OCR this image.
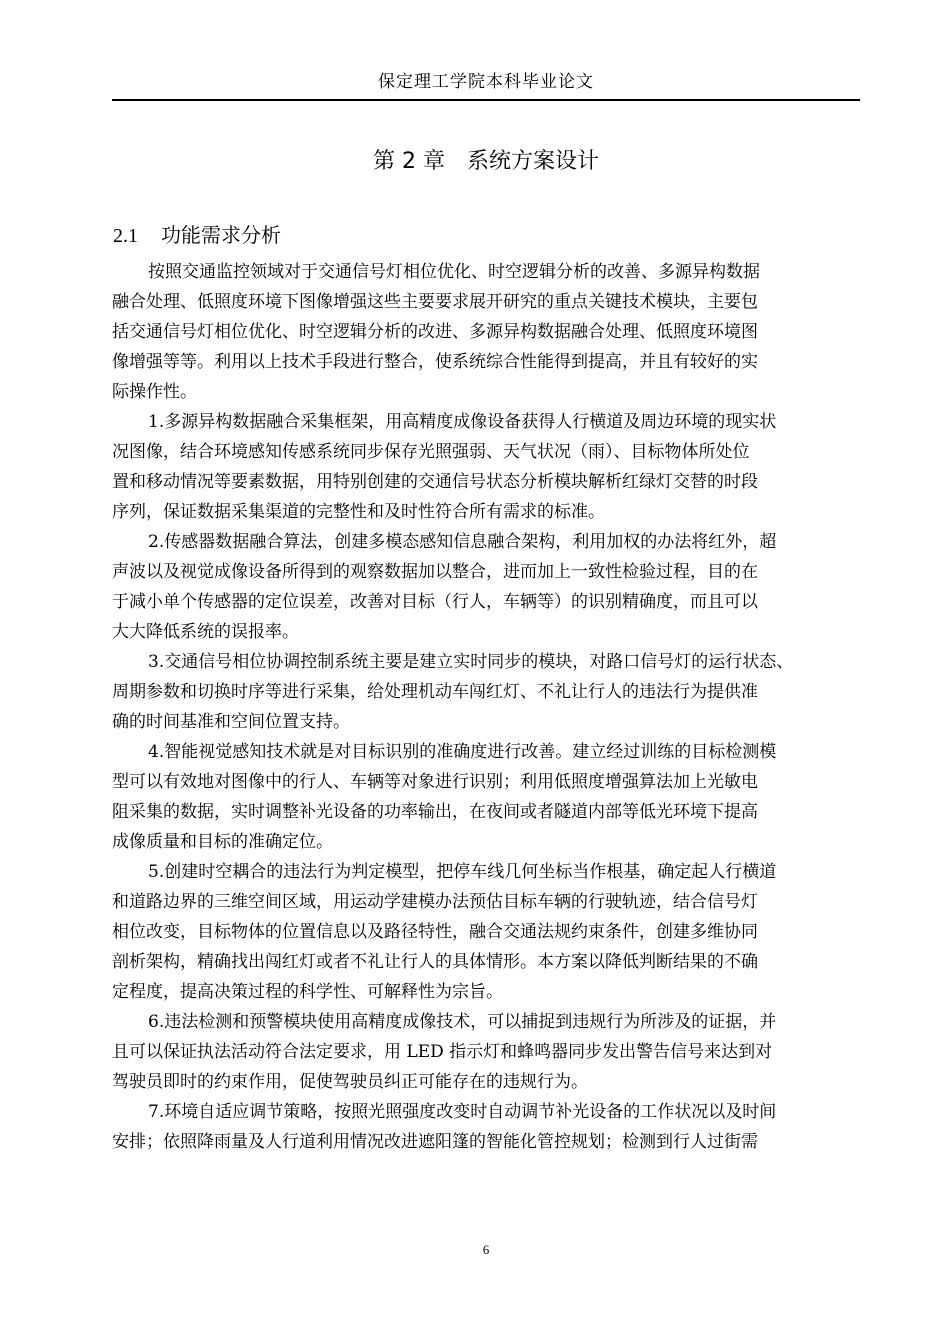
保定理工学院本科毕业论文
第 2 章　系统方案设计
2.1 功能需求分析
按照交通监控领域对于交通信号灯相位优化、时空逻辑分析的改善、多源异构数据
融合处理、低照度环境下图像增强这些主要要求展开研究的重点关键技术模块，主要包
括交通信号灯相位优化、时空逻辑分析的改进、多源异构数据融合处理、低照度环境图
像增强等等。利用以上技术手段进行整合，使系统综合性能得到提高，并且有较好的实
际操作性。
1.多源异构数据融合采集框架，用高精度成像设备获得人行横道及周边环境的现实状
况图像，结合环境感知传感系统同步保存光照强弱、天气状况（雨）、目标物体所处位
置和移动情况等要素数据，用特别创建的交通信号状态分析模块解析红绿灯交替的时段
序列，保证数据采集渠道的完整性和及时性符合所有需求的标准。
2.传感器数据融合算法，创建多模态感知信息融合架构，利用加权的办法将红外，超
声波以及视觉成像设备所得到的观察数据加以整合，进而加上一致性检验过程，目的在
于减小单个传感器的定位误差，改善对目标（行人，车辆等）的识别精确度，而且可以
大大降低系统的误报率。
3.交通信号相位协调控制系统主要是建立实时同步的模块，对路口信号灯的运行状态、
周期参数和切换时序等进行采集，给处理机动车闯红灯、不礼让行人的违法行为提供准
确的时间基准和空间位置支持。
4.智能视觉感知技术就是对目标识别的准确度进行改善。建立经过训练的目标检测模
型可以有效地对图像中的行人、车辆等对象进行识别；利用低照度增强算法加上光敏电
阻采集的数据，实时调整补光设备的功率输出，在夜间或者隧道内部等低光环境下提高
成像质量和目标的准确定位。
5.创建时空耦合的违法行为判定模型，把停车线几何坐标当作根基，确定起人行横道
和道路边界的三维空间区域，用运动学建模办法预估目标车辆的行驶轨迹，结合信号灯
相位改变，目标物体的位置信息以及路径特性，融合交通法规约束条件，创建多维协同
剖析架构，精确找出闯红灯或者不礼让行人的具体情形。本方案以降低判断结果的不确
定程度，提高决策过程的科学性、可解释性为宗旨。
6.违法检测和预警模块使用高精度成像技术，可以捕捉到违规行为所涉及的证据，并
且可以保证执法活动符合法定要求，用 LED 指示灯和蜂鸣器同步发出警告信号来达到对
驾驶员即时的约束作用，促使驾驶员纠正可能存在的违规行为。
7.环境自适应调节策略，按照光照强度改变时自动调节补光设备的工作状况以及时间
安排；依照降雨量及人行道利用情况改进遮阳篷的智能化管控规划；检测到行人过街需
6
